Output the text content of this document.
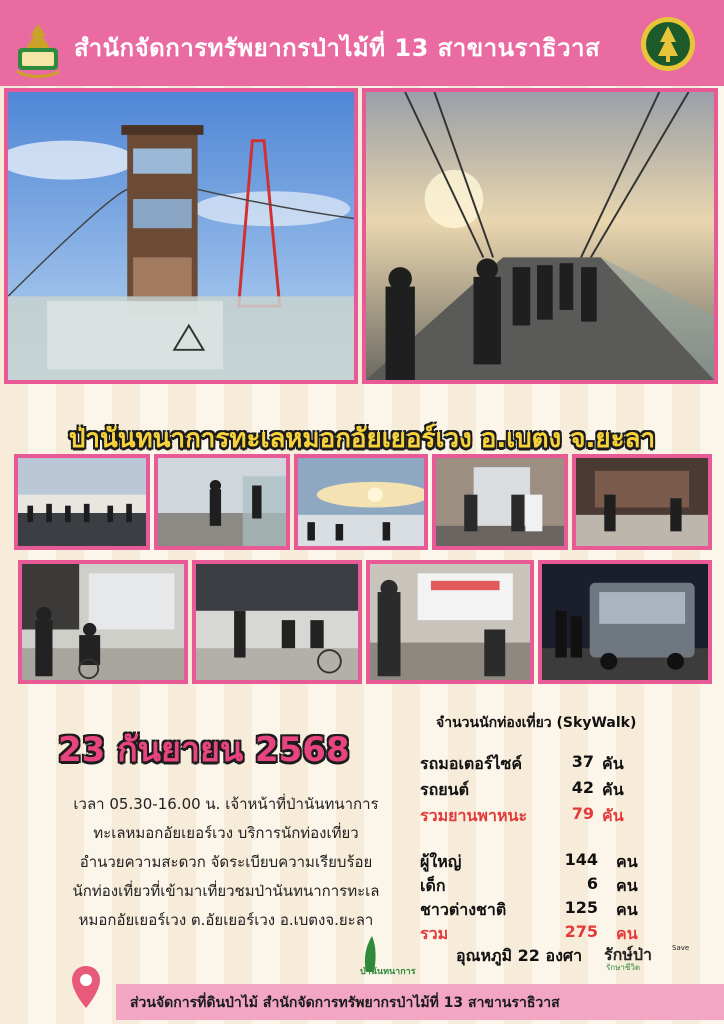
สำนักจัดการทรัพยากรป่าไม้ที่ 13 สาขานราธิวาส
ป่านันทนาการทะเลหมอกอัยเยอร์เวง อ.เบตง จ.ยะลา
23 กันยายน 2568
เวลา 05.30-16.00 น. เจ้าหน้าที่ป่านันทนาการ
ทะเลหมอกอัยเยอร์เวง บริการนักท่องเที่ยว
อำนวยความสะดวก จัดระเบียบความเรียบร้อย
นักท่องเที่ยวที่เข้ามาเที่ยวชมป่านันทนาการทะเล
หมอกอัยเยอร์เวง ต.อัยเยอร์เวง อ.เบตงจ.ยะลา
จำนวนนักท่องเที่ยว (SkyWalk)
รถมอเตอร์ไซค์	37 คัน
รถยนต์	42 คัน
รวมยานพาหนะ	79 คัน
ผู้ใหญ่	144 คน
เด็ก	6 คน
ชาวต่างชาติ	125 คน
รวม	275 คน
อุณหภูมิ 22 องศา
ป่านันทนาการ
รักษ์ป่า	Save
รักษาชีวิต
ส่วนจัดการที่ดินป่าไม้ สำนักจัดการทรัพยากรป่าไม้ที่ 13 สาขานราธิวาส
